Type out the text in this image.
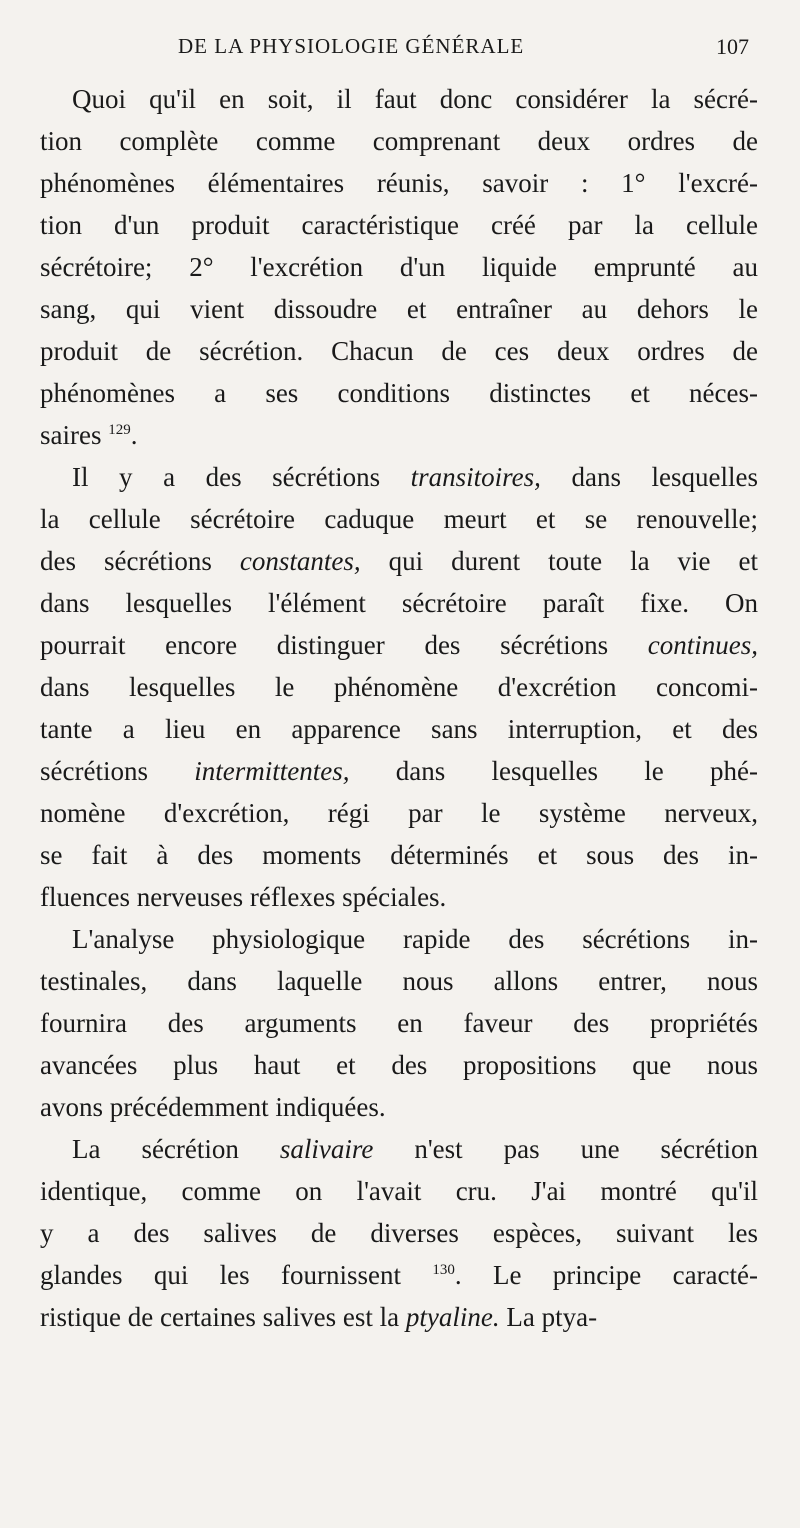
DE LA PHYSIOLOGIE GÉNÉRALE	107
Quoi qu'il en soit, il faut donc considérer la sécré-
tion complète comme comprenant deux ordres de
phénomènes élémentaires réunis, savoir : 1° l'excré-
tion d'un produit caractéristique créé par la cellule
sécrétoire; 2° l'excrétion d'un liquide emprunté au
sang, qui vient dissoudre et entraîner au dehors le
produit de sécrétion. Chacun de ces deux ordres de
phénomènes a ses conditions distinctes et néces-
saires $^{129}$.
Il y a des sécrétions transitoires, dans lesquelles
la cellule sécrétoire caduque meurt et se renouvelle;
des sécrétions constantes, qui durent toute la vie et
dans lesquelles l'élément sécrétoire paraît fixe. On
pourrait encore distinguer des sécrétions continues,
dans lesquelles le phénomène d'excrétion concomi-
tante a lieu en apparence sans interruption, et des
sécrétions intermittentes, dans lesquelles le phé-
nomène d'excrétion, régi par le système nerveux,
se fait à des moments déterminés et sous des in-
fluences nerveuses réflexes spéciales.
L'analyse physiologique rapide des sécrétions in-
testinales, dans laquelle nous allons entrer, nous
fournira des arguments en faveur des propriétés
avancées plus haut et des propositions que nous
avons précédemment indiquées.
La sécrétion salivaire n'est pas une sécrétion
identique, comme on l'avait cru. J'ai montré qu'il
y a des salives de diverses espèces, suivant les
glandes qui les fournissent $^{130}$. Le principe caracté-
ristique de certaines salives est la ptyaline. La ptya-
